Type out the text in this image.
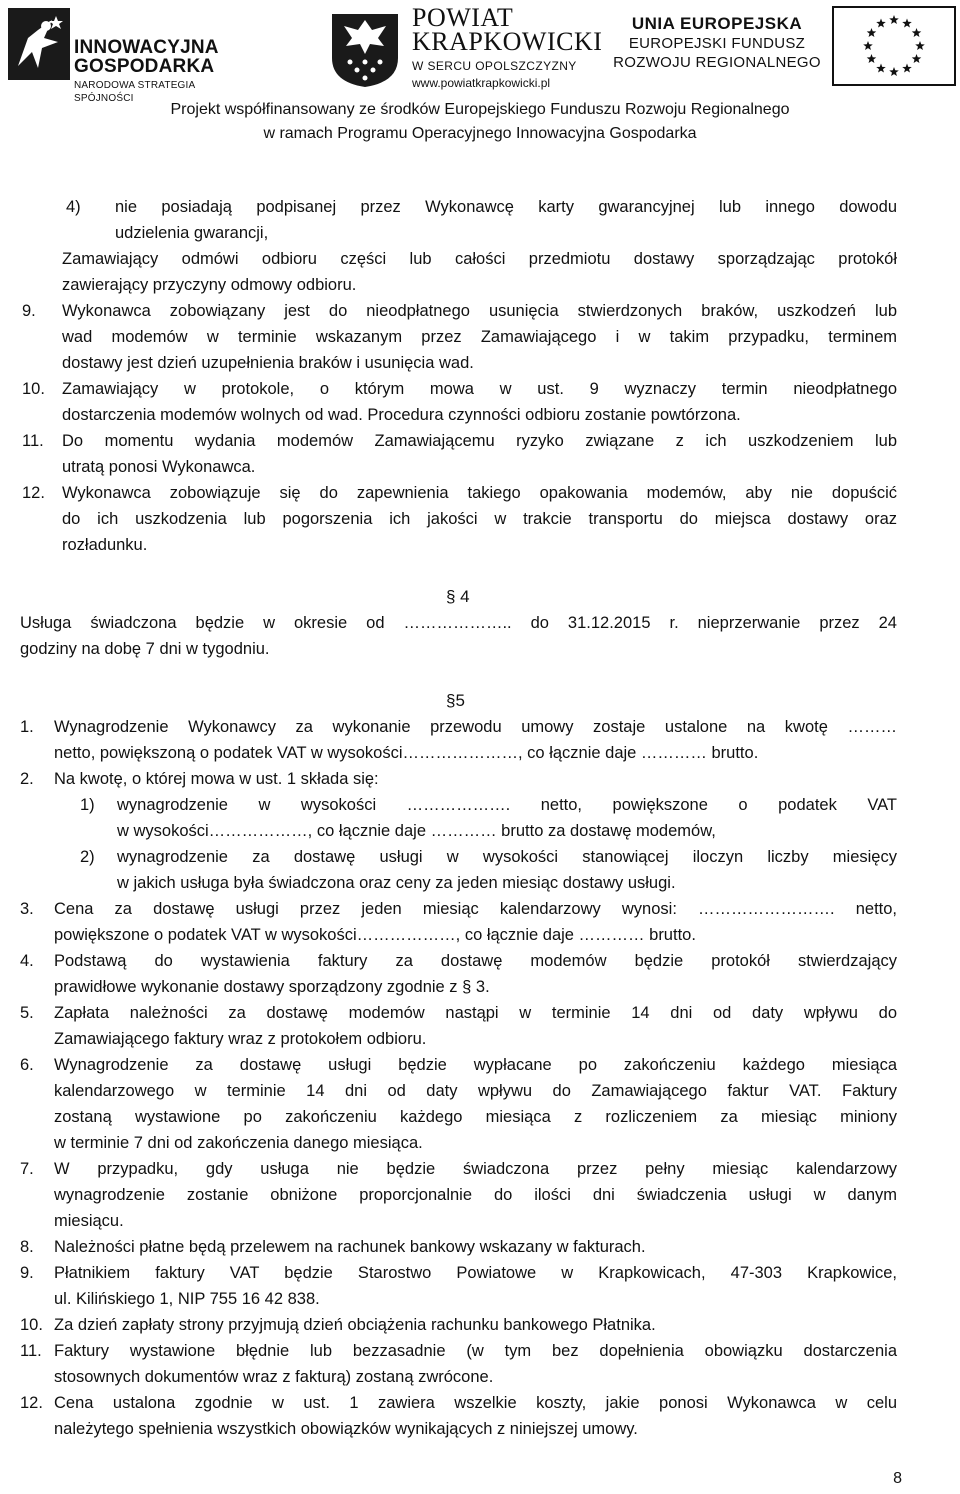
INNOWACYJNA
GOSPODARKA
NARODOWA STRATEGIA SPÓJNOŚCI
POWIAT
KRAPKOWICKI
W SERCU OPOLSZCZYZNY
www.powiatkrapkowicki.pl
UNIA EUROPEJSKA
EUROPEJSKI FUNDUSZ
ROZWOJU REGIONALNEGO
Projekt współfinansowany ze środków Europejskiego Funduszu Rozwoju Regionalnego
w ramach Programu Operacyjnego Innowacyjna Gospodarka
4) nie posiadają podpisanej przez Wykonawcę karty gwarancyjnej lub innego dowodu
udzielenia gwarancji,
Zamawiający odmówi odbioru części lub całości przedmiotu dostawy sporządzając protokół
zawierający przyczyny odmowy odbioru.
9. Wykonawca zobowiązany jest do nieodpłatnego usunięcia stwierdzonych braków, uszkodzeń lub
wad modemów w terminie wskazanym przez Zamawiającego i w takim przypadku, terminem
dostawy jest dzień uzupełnienia braków i usunięcia wad.
10. Zamawiający w protokole, o którym mowa w ust. 9 wyznaczy termin nieodpłatnego
dostarczenia modemów wolnych od wad. Procedura czynności odbioru zostanie powtórzona.
11. Do momentu wydania modemów Zamawiającemu ryzyko związane z ich uszkodzeniem lub
utratą ponosi Wykonawca.
12. Wykonawca zobowiązuje się do zapewnienia takiego opakowania modemów, aby nie dopuścić
do ich uszkodzenia lub pogorszenia ich jakości w trakcie transportu do miejsca dostawy oraz
rozładunku.
§ 4
Usługa świadczona będzie w okresie od ……………….. do 31.12.2015 r. nieprzerwanie przez 24
godziny na dobę 7 dni w tygodniu.
§5
1. Wynagrodzenie Wykonawcy za wykonanie przewodu umowy zostaje ustalone na kwotę ………
netto, powiększoną o podatek VAT w wysokości…………………, co łącznie daje ………… brutto.
2. Na kwotę, o której mowa w ust. 1 składa się:
1) wynagrodzenie w wysokości ………………. netto, powiększone o podatek VAT
w wysokości………………, co łącznie daje ………… brutto za dostawę modemów,
2) wynagrodzenie za dostawę usługi w wysokości stanowiącej iloczyn liczby miesięcy
w jakich usługa była świadczona oraz ceny za jeden miesiąc dostawy usługi.
3. Cena za dostawę usługi przez jeden miesiąc kalendarzowy wynosi: ……………………. netto,
powiększone o podatek VAT w wysokości………………, co łącznie daje ………… brutto.
4. Podstawą do wystawienia faktury za dostawę modemów będzie protokół stwierdzający
prawidłowe wykonanie dostawy sporządzony zgodnie z § 3.
5. Zapłata należności za dostawę modemów nastąpi w terminie 14 dni od daty wpływu do
Zamawiającego faktury wraz z protokołem odbioru.
6. Wynagrodzenie za dostawę usługi będzie wypłacane po zakończeniu każdego miesiąca
kalendarzowego w terminie 14 dni od daty wpływu do Zamawiającego faktur VAT. Faktury
zostaną wystawione po zakończeniu każdego miesiąca z rozliczeniem za miesiąc miniony
w terminie 7 dni od zakończenia danego miesiąca.
7. W przypadku, gdy usługa nie będzie świadczona przez pełny miesiąc kalendarzowy
wynagrodzenie zostanie obniżone proporcjonalnie do ilości dni świadczenia usługi w danym
miesiącu.
8. Należności płatne będą przelewem na rachunek bankowy wskazany w fakturach.
9. Płatnikiem faktury VAT będzie Starostwo Powiatowe w Krapkowicach, 47-303 Krapkowice,
ul. Kilińskiego 1, NIP 755 16 42 838.
10. Za dzień zapłaty strony przyjmują dzień obciążenia rachunku bankowego Płatnika.
11. Faktury wystawione błędnie lub bezzasadnie (w tym bez dopełnienia obowiązku dostarczenia
stosownych dokumentów wraz z fakturą) zostaną zwrócone.
12. Cena ustalona zgodnie w ust. 1 zawiera wszelkie koszty, jakie ponosi Wykonawca w celu
należytego spełnienia wszystkich obowiązków wynikających z niniejszej umowy.
8
